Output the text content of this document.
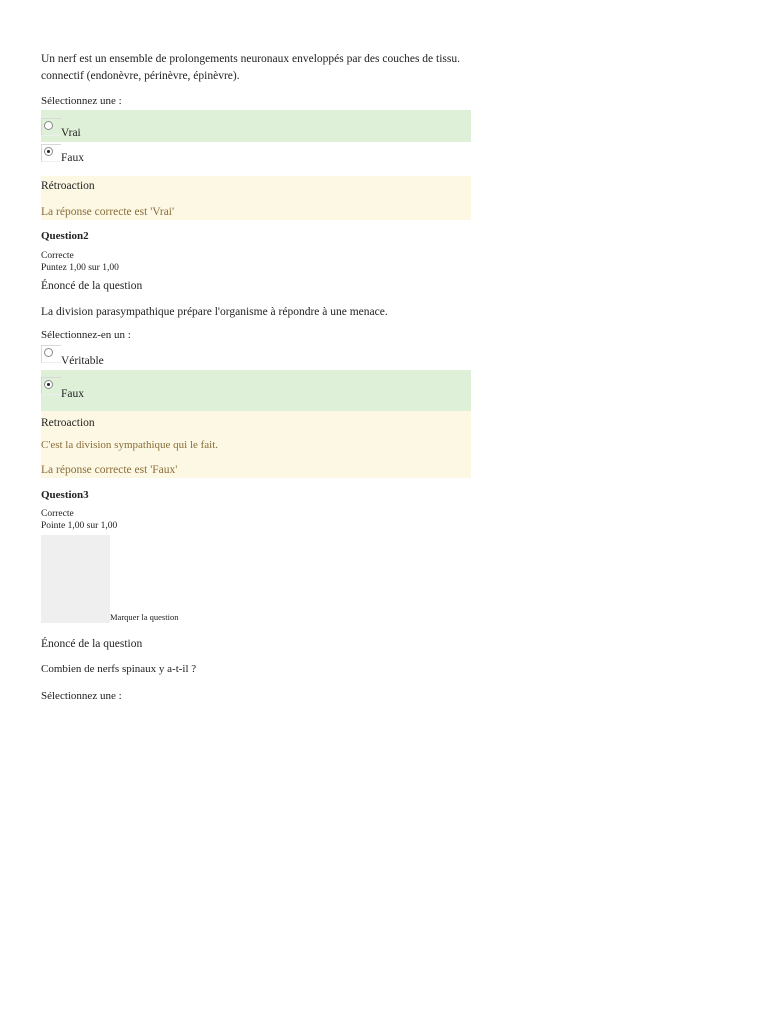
Un nerf est un ensemble de prolongements neuronaux enveloppés par des couches de tissu.
connectif (endonèvre, périnèvre, épinèvre).
Sélectionnez une :
Vrai
Faux
Rétroaction
La réponse correcte est 'Vrai'
Question2
Correcte
Puntez 1,00 sur 1,00
Énoncé de la question
La division parasympathique prépare l'organisme à répondre à une menace.
Sélectionnez-en un :
Véritable
Faux
Retroaction
C'est la division sympathique qui le fait.
La réponse correcte est 'Faux'
Question3
Correcte
Pointe 1,00 sur 1,00
Marquer la question
Énoncé de la question
Combien de nerfs spinaux y a-t-il ?
Sélectionnez une :
